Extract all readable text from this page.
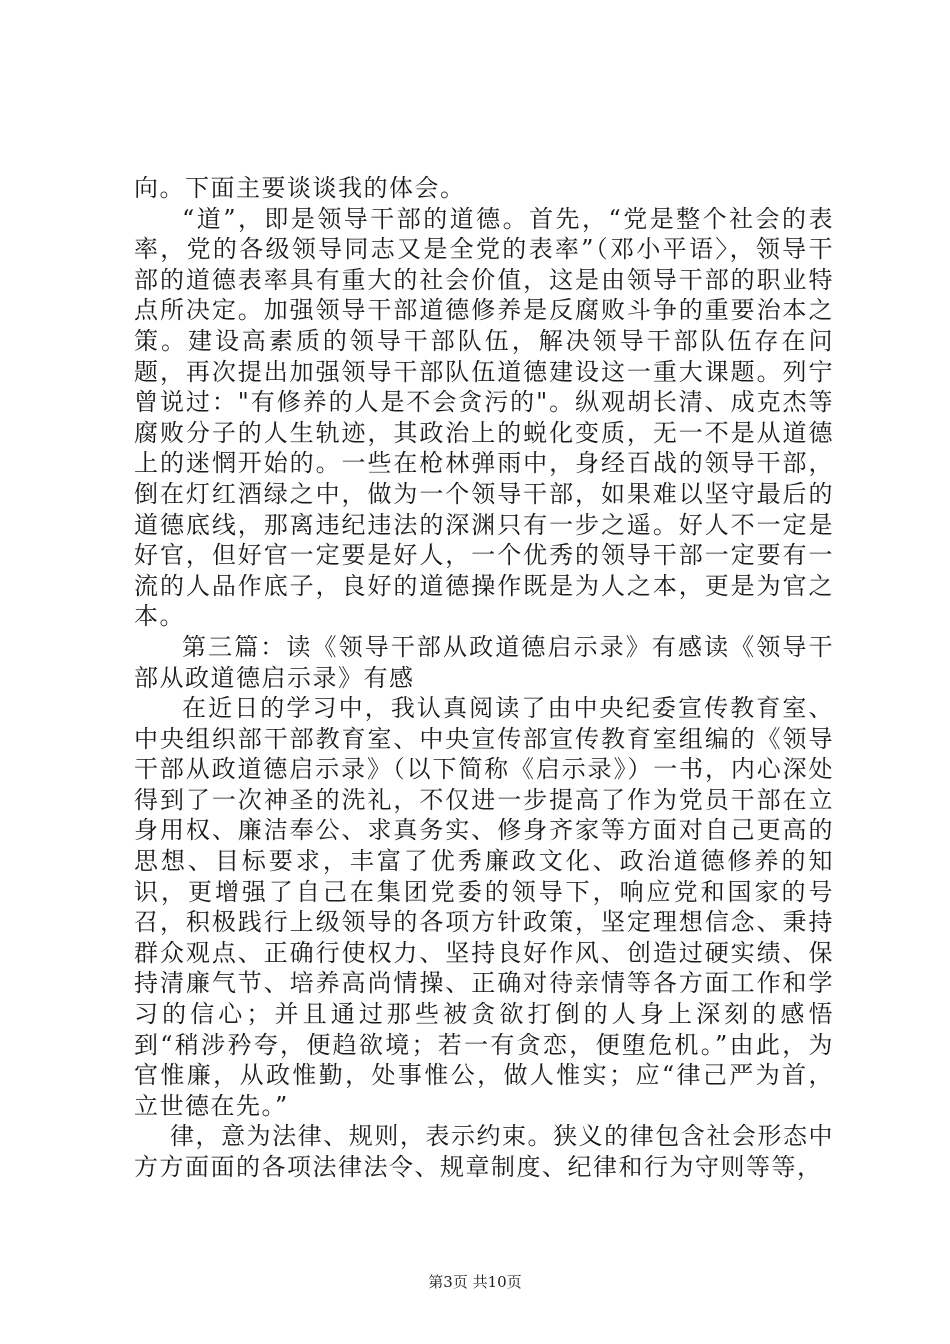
向。下面主要谈谈我的体会。

“道”，即是领导干部的道德。首先，“党是整个社会的表率，党的各级领导同志又是全党的表率”（邓小平语〉，领导干部的道德表率具有重大的社会价值，这是由领导干部的职业特点所决定。加强领导干部道德修养是反腐败斗争的重要治本之策。建设高素质的领导干部队伍，解决领导干部队伍存在问题，再次提出加强领导干部队伍道德建设这一重大课题。列宁曾说过："有修养的人是不会贪污的"。纵观胡长清、成克杰等腐败分子的人生轨迹，其政治上的蜕化变质，无一不是从道德上的迷惘开始的。一些在枪林弹雨中，身经百战的领导干部，倒在灯红酒绿之中，做为一个领导干部，如果难以坚守最后的道德底线，那离违纪违法的深渊只有一步之遥。好人不一定是好官，但好官一定要是好人，一个优秀的领导干部一定要有一流的人品作底子，良好的道德操作既是为人之本，更是为官之本。

第三篇：读《领导干部从政道德启示录》有感读《领导干部从政道德启示录》有感

在近日的学习中，我认真阅读了由中央纪委宣传教育室、中央组织部干部教育室、中央宣传部宣传教育室组编的《领导干部从政道德启示录》（以下简称《启示录》）一书，内心深处得到了一次神圣的洗礼，不仅进一步提高了作为党员干部在立身用权、廉洁奉公、求真务实、修身齐家等方面对自己更高的思想、目标要求，丰富了优秀廉政文化、政治道德修养的知识，更增强了自己在集团党委的领导下，响应党和国家的号召，积极践行上级领导的各项方针政策，坚定理想信念、秉持群众观点、正确行使权力、坚持良好作风、创造过硬实绩、保持清廉气节、培养高尚情操、正确对待亲情等各方面工作和学习的信心；并且通过那些被贪欲打倒的人身上深刻的感悟到“稍涉矜夸，便趋欲境；若一有贪恋，便堕危机。”由此，为官惟廉，从政惟勤，处事惟公，做人惟实；应“律己严为首，立世德在先。”

律，意为法律、规则，表示约束。狭义的律包含社会形态中方方面面的各项法律法令、规章制度、纪律和行为守则等等，

第3页 共10页
